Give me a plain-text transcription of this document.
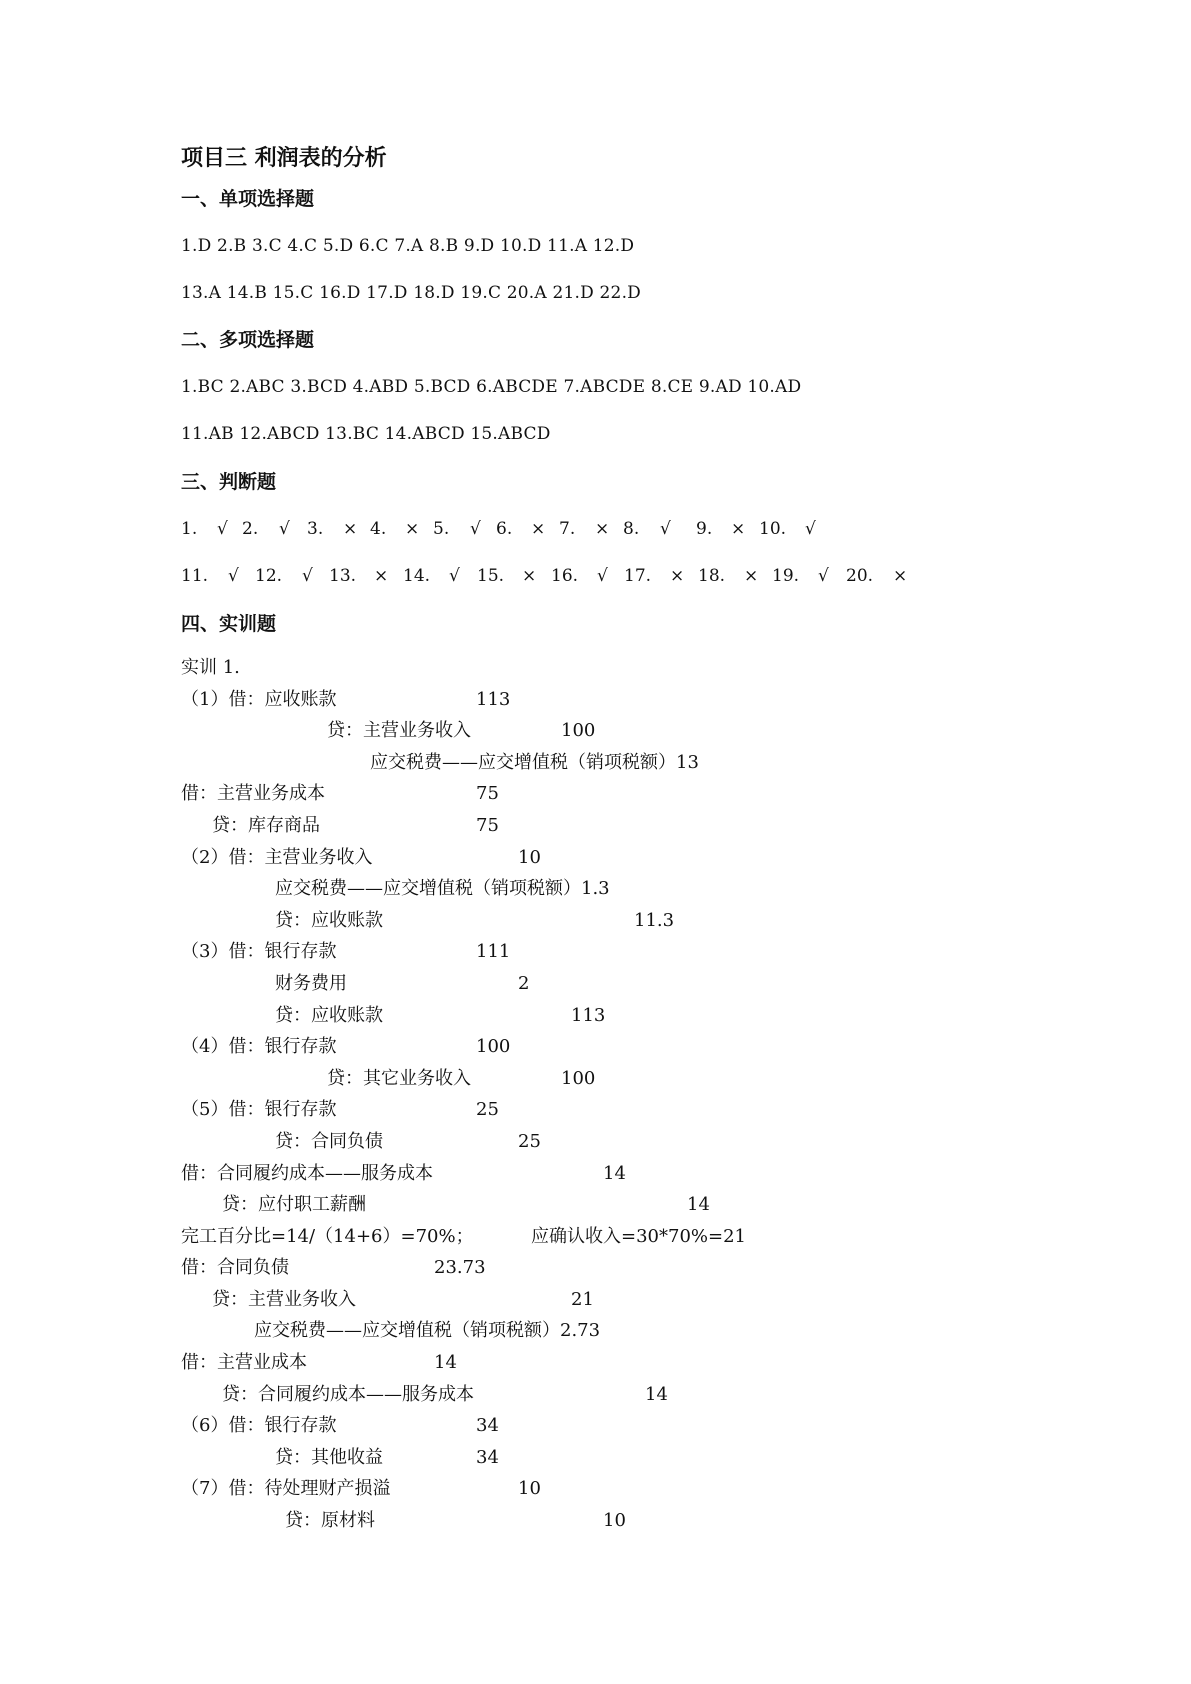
项目三 利润表的分析
一、单项选择题
1.D 2.B 3.C 4.C 5.D 6.C 7.A 8.B 9.D 10.D 11.A 12.D
13.A 14.B 15.C 16.D 17.D 18.D 19.C 20.A 21.D 22.D
二、多项选择题
1.BC 2.ABC 3.BCD 4.ABD 5.BCD 6.ABCDE 7.ABCDE 8.CE 9.AD 10.AD
11.AB 12.ABCD 13.BC 14.ABCD 15.ABCD
三、判断题
1. √ 2. √ 3. × 4. × 5. √ 6. × 7. × 8. √ 9. × 10. √
11. √ 12. √ 13. × 14. √ 15. × 16. √ 17. × 18. × 19. √ 20. ×
四、实训题
实训 1.
（1）借：应收账款	113
贷：主营业务收入	100
应交税费——应交增值税（销项税额）13
借：主营业务成本	75
贷：库存商品	75
（2）借：主营业务收入	10
应交税费——应交增值税（销项税额）1.3
贷：应收账款	11.3
（3）借：银行存款	111
财务费用	2
贷：应收账款	113
（4）借：银行存款	100
贷：其它业务收入	100
（5）借：银行存款	25
贷：合同负债	25
借：合同履约成本——服务成本	14
贷：应付职工薪酬	14
完工百分比=14/（14+6）=70%；	应确认收入=30*70%=21
借：合同负债	23.73
贷：主营业务收入	21
应交税费——应交增值税（销项税额）2.73
借：主营业成本	14
贷：合同履约成本——服务成本	14
（6）借：银行存款	34
贷：其他收益	34
（7）借：待处理财产损溢	10
贷：原材料	10
